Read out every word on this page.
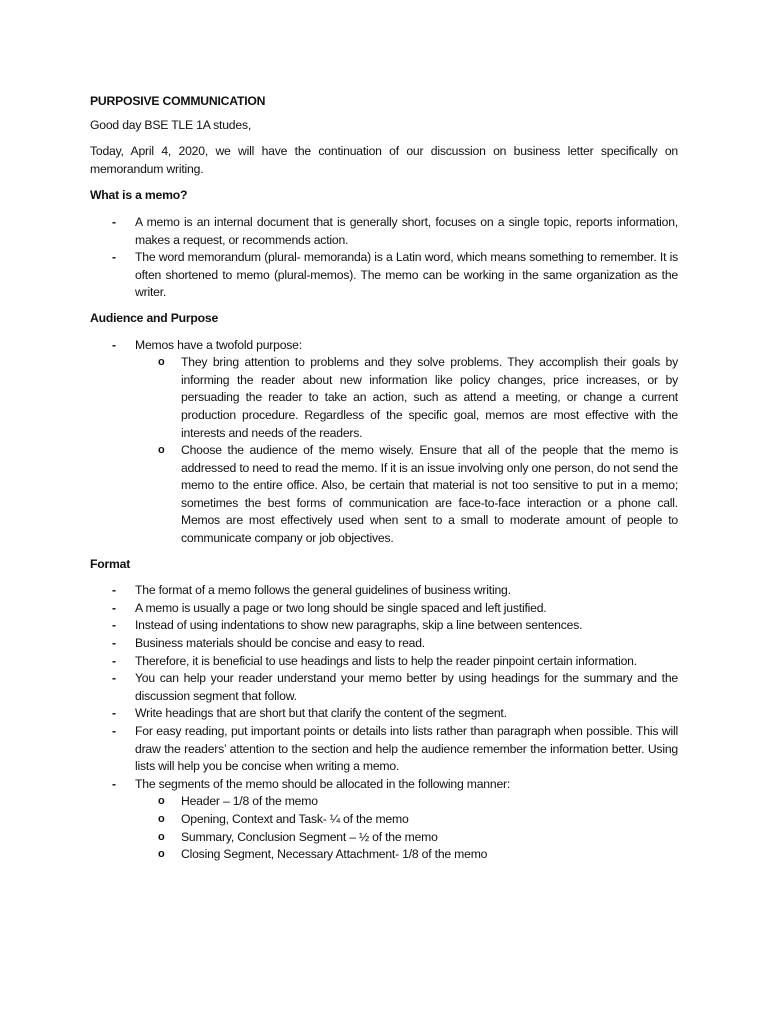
PURPOSIVE COMMUNICATION
Good day BSE TLE 1A studes,
Today, April 4, 2020, we will have the continuation of our discussion on business letter specifically on memorandum writing.
What is a memo?
-	A memo is an internal document that is generally short, focuses on a single topic, reports information, makes a request, or recommends action.
-	The word memorandum (plural- memoranda) is a Latin word, which means something to remember. It is often shortened to memo (plural-memos). The memo can be working in the same organization as the writer.
Audience and Purpose
-	Memos have a twofold purpose:
o	They bring attention to problems and they solve problems. They accomplish their goals by informing the reader about new information like policy changes, price increases, or by persuading the reader to take an action, such as attend a meeting, or change a current production procedure. Regardless of the specific goal, memos are most effective with the interests and needs of the readers.
o	Choose the audience of the memo wisely. Ensure that all of the people that the memo is addressed to need to read the memo. If it is an issue involving only one person, do not send the memo to the entire office. Also, be certain that material is not too sensitive to put in a memo; sometimes the best forms of communication are face-to-face interaction or a phone call. Memos are most effectively used when sent to a small to moderate amount of people to communicate company or job objectives.
Format
-	The format of a memo follows the general guidelines of business writing.
-	A memo is usually a page or two long should be single spaced and left justified.
-	Instead of using indentations to show new paragraphs, skip a line between sentences.
-	Business materials should be concise and easy to read.
-	Therefore, it is beneficial to use headings and lists to help the reader pinpoint certain information.
-	You can help your reader understand your memo better by using headings for the summary and the discussion segment that follow.
-	Write headings that are short but that clarify the content of the segment.
-	For easy reading, put important points or details into lists rather than paragraph when possible. This will draw the readers’ attention to the section and help the audience remember the information better. Using lists will help you be concise when writing a memo.
-	The segments of the memo should be allocated in the following manner:
o	Header – 1/8 of the memo
o	Opening, Context and Task- ¼ of the memo
o	Summary, Conclusion Segment – ½ of the memo
o	Closing Segment, Necessary Attachment- 1/8 of the memo
